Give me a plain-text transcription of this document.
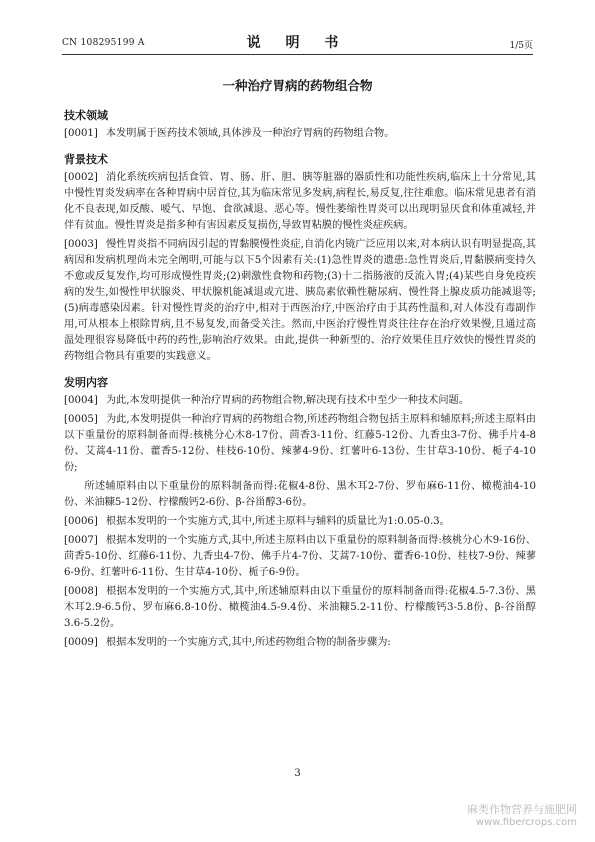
CN 108295199 A	说 明 书	1/5页
一种治疗胃病的药物组合物
技术领域

[0001] 本发明属于医药技术领域,具体涉及一种治疗胃病的药物组合物。

背景技术

[0002] 消化系统疾病包括食管、胃、肠、肝、胆、胰等脏器的器质性和功能性疾病,临床上十分常见,其中慢性胃炎发病率在各种胃病中居首位,其为临床常见多发病,病程长,易反复,往往难愈。临床常见患者有消化不良表现,如反酸、嗳气、早饱、食欲减退、恶心等。慢性萎缩性胃炎可以出现明显厌食和体重减轻,并伴有贫血。慢性胃炎是指多种有害因素反复损伤,导致胃粘膜的慢性炎症疾病。

[0003] 慢性胃炎指不同病因引起的胃黏膜慢性炎症,自消化内镜广泛应用以来,对本病认识有明显提高,其病因和发病机理尚未完全阐明,可能与以下5个因素有关:(1)急性胃炎的遗患:急性胃炎后,胃黏膜病变持久不愈或反复发作,均可形成慢性胃炎;(2)刺激性食物和药物;(3)十二指肠液的反流入胃;(4)某些自身免疫疾病的发生,如慢性甲状腺炎、甲状腺机能减退或亢进、胰岛素依赖性糖尿病、慢性肾上腺皮质功能减退等;(5)病毒感染因素。针对慢性胃炎的治疗中,相对于西医治疗,中医治疗由于其药性温和,对人体没有毒副作用,可从根本上根除胃病,且不易复发,而备受关注。然而,中医治疗慢性胃炎往往存在治疗效果慢,且通过高温处理很容易降低中药的药性,影响治疗效果。由此,提供一种新型的、治疗效果佳且疗效快的慢性胃炎的药物组合物具有重要的实践意义。

发明内容

[0004] 为此,本发明提供一种治疗胃病的药物组合物,解决现有技术中至少一种技术问题。

[0005] 为此,本发明提供一种治疗胃病的药物组合物,所述药物组合物包括主原料和辅原料;所述主原料由以下重量份的原料制备而得:核桃分心木8-17份、茴香3-11份、红藤5-12份、九香虫3-7份、佛手片4-8份、艾蒿4-11份、藿香5-12份、桂枝6-10份、辣蓼4-9份、红薯叶6-13份、生甘草3-10份、栀子4-10份;

所述辅原料由以下重量份的原料制备而得:花椒4-8份、黑木耳2-7份、罗布麻6-11份、橄榄油4-10份、米油糠5-12份、柠檬酸钙2-6份、β-谷甾醇3-6份。

[0006] 根据本发明的一个实施方式,其中,所述主原料与辅料的质量比为1:0.05-0.3。

[0007] 根据本发明的一个实施方式,其中,所述主原料由以下重量份的原料制备而得:核桃分心木9-16份、茴香5-10份、红藤6-11份、九香虫4-7份、佛手片4-7份、艾蒿7-10份、藿香6-10份、桂枝7-9份、辣蓼6-9份、红薯叶6-11份、生甘草4-10份、栀子6-9份。

[0008] 根据本发明的一个实施方式,其中,所述辅原料由以下重量份的原料制备而得:花椒4.5-7.3份、黑木耳2.9-6.5份、罗布麻6.8-10份、橄榄油4.5-9.4份、米油糠5.2-11份、柠檬酸钙3-5.8份、β-谷甾醇3.6-5.2份。

[0009] 根据本发明的一个实施方式,其中,所述药物组合物的制备步骤为:

3
麻类作物营养与施肥网
www.fibercrops.com
